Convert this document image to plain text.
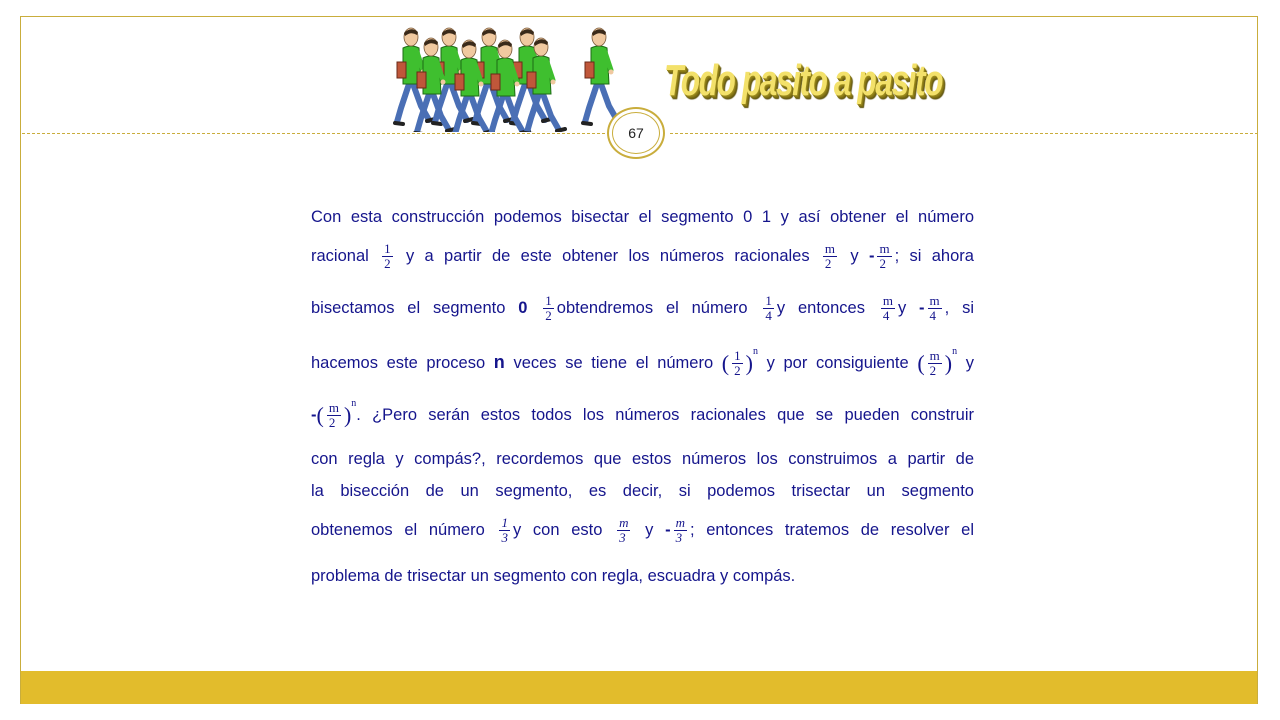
Todo pasito a pasito
67
Con esta construcción podemos bisectar el segmento 0 1 y así obtener el número
racional $\frac{1}{2}$ y a partir de este obtener los números racionales $\frac{m}{2}$ y - $\frac{m}{2}$ ; si ahora
bisectamos el segmento $0 \frac{1}{2}$ obtendremos el número $\frac{1}{4}$ y entonces $\frac{m}{4}$ y - $\frac{m}{4}$ , si
hacemos este proceso n veces se tiene el número ( $\frac{1}{2} )^n$ y por consiguiente ( $\frac{m}{2} )^n$ y
-( $\frac{m}{2} )^n$. ¿Pero serán estos todos los números racionales que se pueden construir
con regla y compás?, recordemos que estos números los construimos a partir de
la bisección de un segmento, es decir, si podemos trisectar un segmento
obtenemos el número $\frac{1}{3}$ y con esto $\frac{m}{3}$ y - $\frac{m}{3}$ ; entonces tratemos de resolver el
problema de trisectar un segmento con regla, escuadra y compás.
